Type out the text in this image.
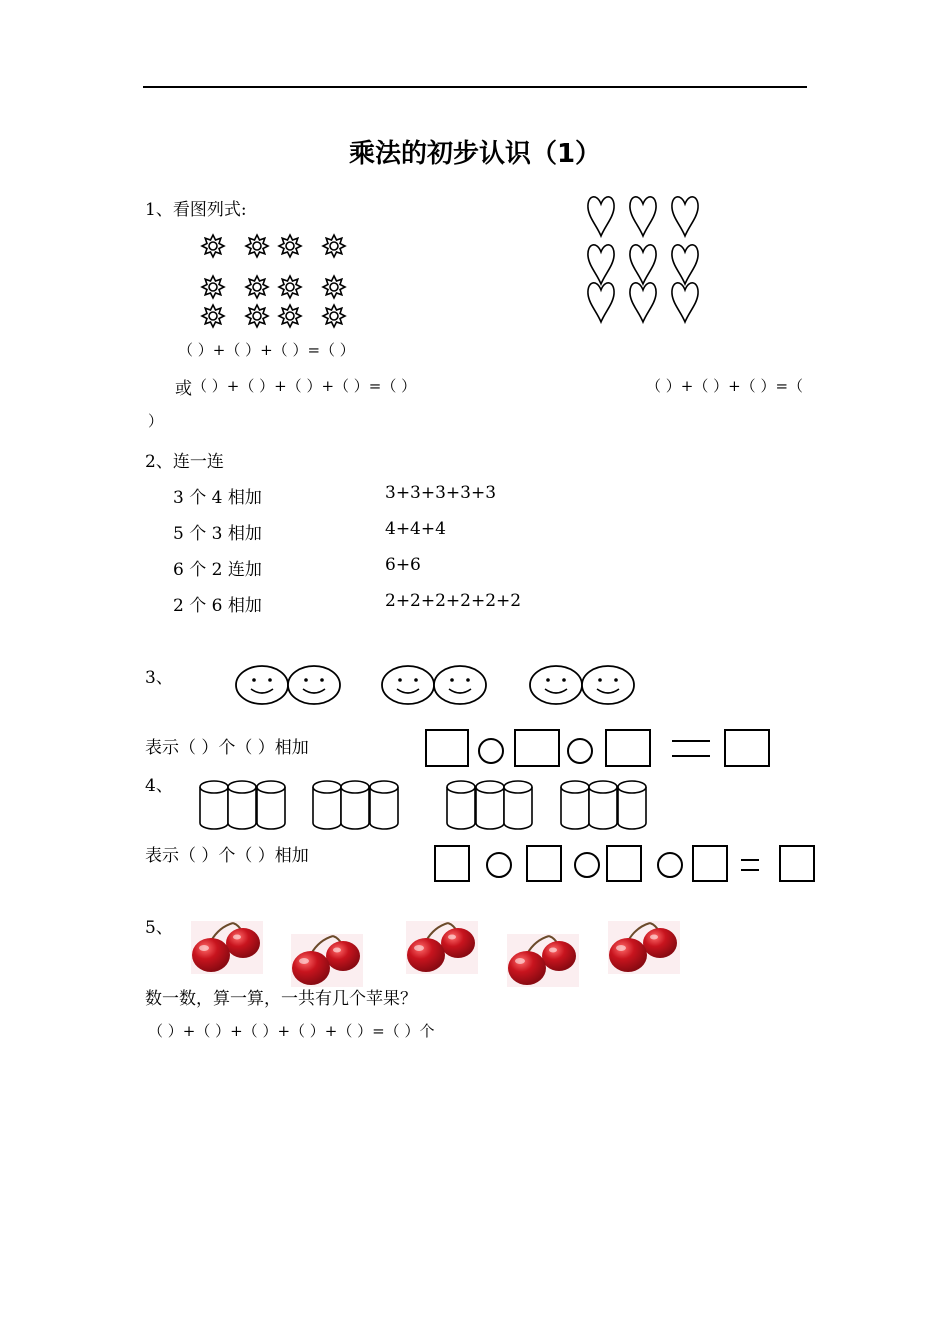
乘法的初步认识（1）
1、看图列式:
（ ）+（ ）+（ ）=（ ）
或 （ ）+（ ）+（ ）+（ ）=（ ）	（ ）+（ ）+（ ）=（
）
2、连一连
3 个 4 相加
5 个 3 相加
6 个 2 连加
2 个 6 相加
3+3+3+3+3
4+4+4
6+6
2+2+2+2+2+2
3、
表示（ ）个（ ）相加
4、
表示（ ）个（ ）相加
5、
数一数，算一算，一共有几个苹果？
（ ）+（ ）+（ ）+（ ）+（ ）=（ ）个
